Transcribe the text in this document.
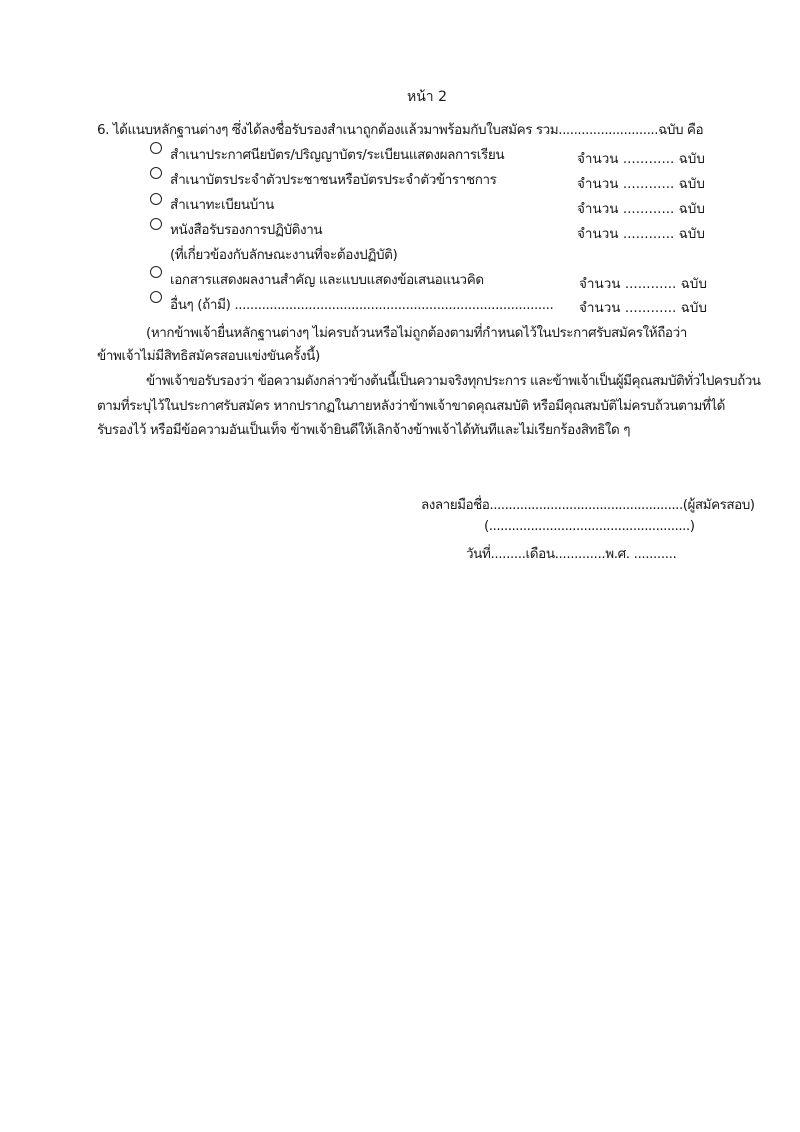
หน้า 2
6. ได้แนบหลักฐานต่างๆ ซึ่งได้ลงชื่อรับรองสำเนาถูกต้องแล้วมาพร้อมกับใบสมัคร รวม..........................ฉบับ คือ
สำเนาประกาศนียบัตร/ปริญญาบัตร/ระเบียนแสดงผลการเรียน	จำนวน ............ ฉบับ
สำเนาบัตรประจำตัวประชาชนหรือบัตรประจำตัวข้าราชการ	จำนวน ............ ฉบับ
สำเนาทะเบียนบ้าน	จำนวน ............ ฉบับ
หนังสือรับรองการปฏิบัติงาน	จำนวน ............ ฉบับ
(ที่เกี่ยวข้องกับลักษณะงานที่จะต้องปฏิบัติ)
เอกสารแสดงผลงานสำคัญ และแบบแสดงข้อเสนอแนวคิด	จำนวน ............ ฉบับ
อื่นๆ (ถ้ามี) .................................................................................. จำนวน ............ ฉบับ
(หากข้าพเจ้ายื่นหลักฐานต่างๆ ไม่ครบถ้วนหรือไม่ถูกต้องตามที่กำหนดไว้ในประกาศรับสมัครให้ถือว่า
ข้าพเจ้าไม่มีสิทธิสมัครสอบแข่งขันครั้งนี้)
ข้าพเจ้าขอรับรองว่า ข้อความดังกล่าวข้างต้นนี้เป็นความจริงทุกประการ และข้าพเจ้าเป็นผู้มีคุณสมบัติทั่วไปครบถ้วน
ตามที่ระบุไว้ในประกาศรับสมัคร หากปรากฏในภายหลังว่าข้าพเจ้าขาดคุณสมบัติ หรือมีคุณสมบัติไม่ครบถ้วนตามที่ได้
รับรองไว้ หรือมีข้อความอันเป็นเท็จ ข้าพเจ้ายินดีให้เลิกจ้างข้าพเจ้าได้ทันทีและไม่เรียกร้องสิทธิใด ๆ
ลงลายมือชื่อ...................................................(ผู้สมัครสอบ)
(.....................................................)
วันที่.........เดือน.............พ.ศ. ...........
